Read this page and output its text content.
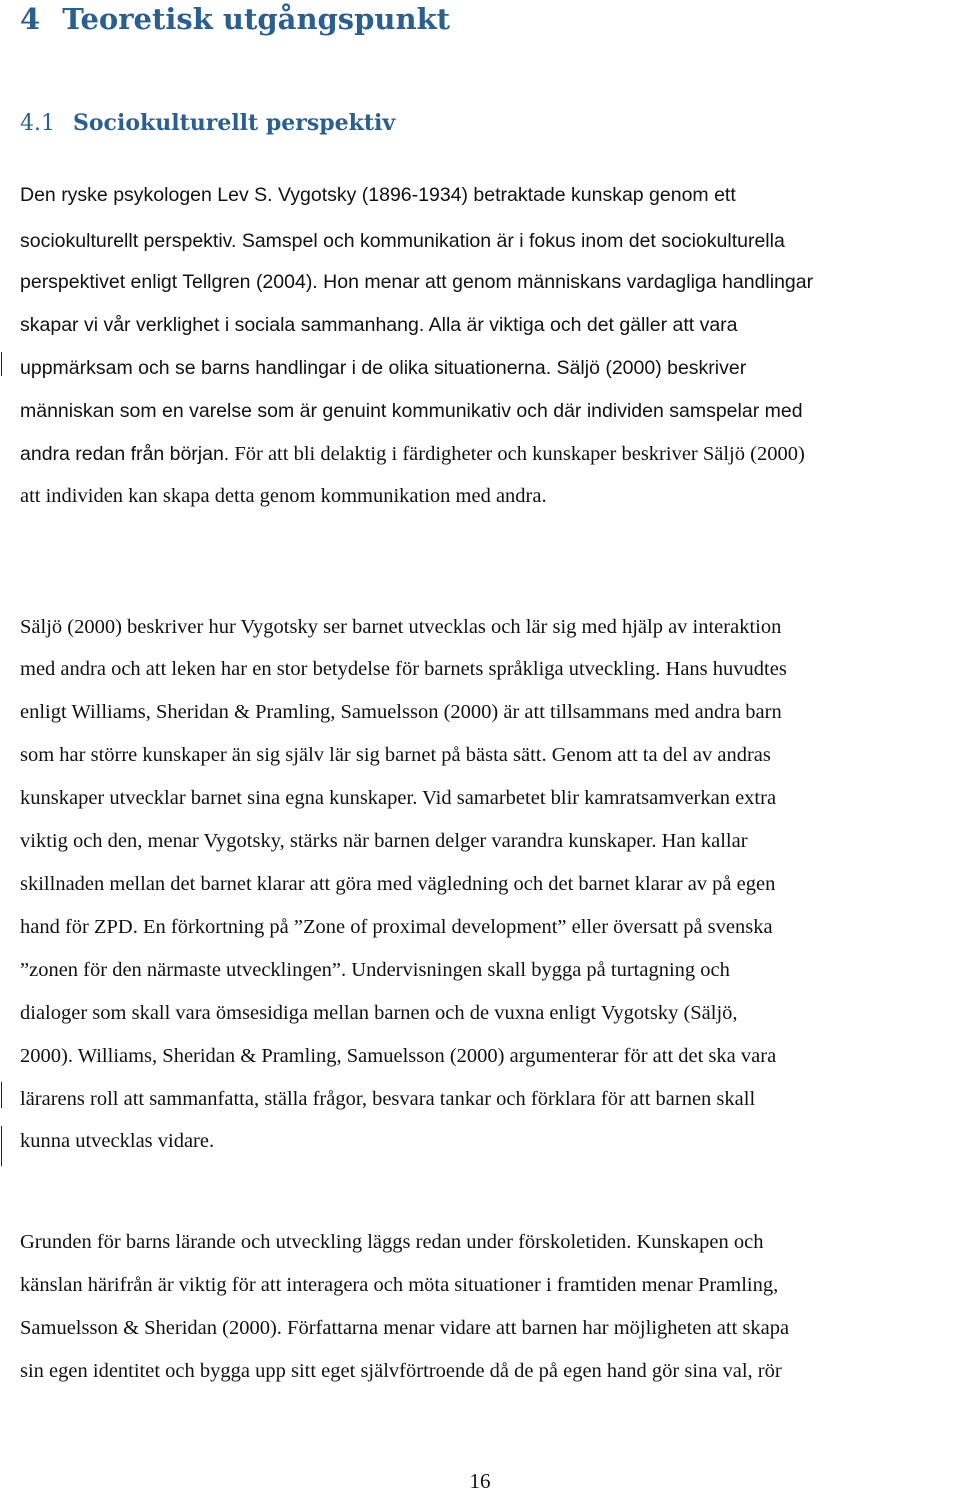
4 Teoretisk utgångspunkt
4.1 Sociokulturellt perspektiv
Den ryske psykologen Lev S. Vygotsky (1896-1934) betraktade kunskap genom ett
sociokulturellt perspektiv. Samspel och kommunikation är i fokus inom det sociokulturella
perspektivet enligt Tellgren (2004). Hon menar att genom människans vardagliga handlingar
skapar vi vår verklighet i sociala sammanhang. Alla är viktiga och det gäller att vara
uppmärksam och se barns handlingar i de olika situationerna. Säljö (2000) beskriver
människan som en varelse som är genuint kommunikativ och där individen samspelar med
andra redan från början. För att bli delaktig i färdigheter och kunskaper beskriver Säljö (2000)
att individen kan skapa detta genom kommunikation med andra.
Säljö (2000) beskriver hur Vygotsky ser barnet utvecklas och lär sig med hjälp av interaktion
med andra och att leken har en stor betydelse för barnets språkliga utveckling. Hans huvudtes
enligt Williams, Sheridan & Pramling, Samuelsson (2000) är att tillsammans med andra barn
som har större kunskaper än sig själv lär sig barnet på bästa sätt. Genom att ta del av andras
kunskaper utvecklar barnet sina egna kunskaper. Vid samarbetet blir kamratsamverkan extra
viktig och den, menar Vygotsky, stärks när barnen delger varandra kunskaper. Han kallar
skillnaden mellan det barnet klarar att göra med vägledning och det barnet klarar av på egen
hand för ZPD. En förkortning på ”Zone of proximal development” eller översatt på svenska
”zonen för den närmaste utvecklingen”. Undervisningen skall bygga på turtagning och
dialoger som skall vara ömsesidiga mellan barnen och de vuxna enligt Vygotsky (Säljö,
2000). Williams, Sheridan & Pramling, Samuelsson (2000) argumenterar för att det ska vara
lärarens roll att sammanfatta, ställa frågor, besvara tankar och förklara för att barnen skall
kunna utvecklas vidare.
Grunden för barns lärande och utveckling läggs redan under förskoletiden. Kunskapen och
känslan härifrån är viktig för att interagera och möta situationer i framtiden menar Pramling,
Samuelsson & Sheridan (2000). Författarna menar vidare att barnen har möjligheten att skapa
sin egen identitet och bygga upp sitt eget självförtroende då de på egen hand gör sina val, rör
16
